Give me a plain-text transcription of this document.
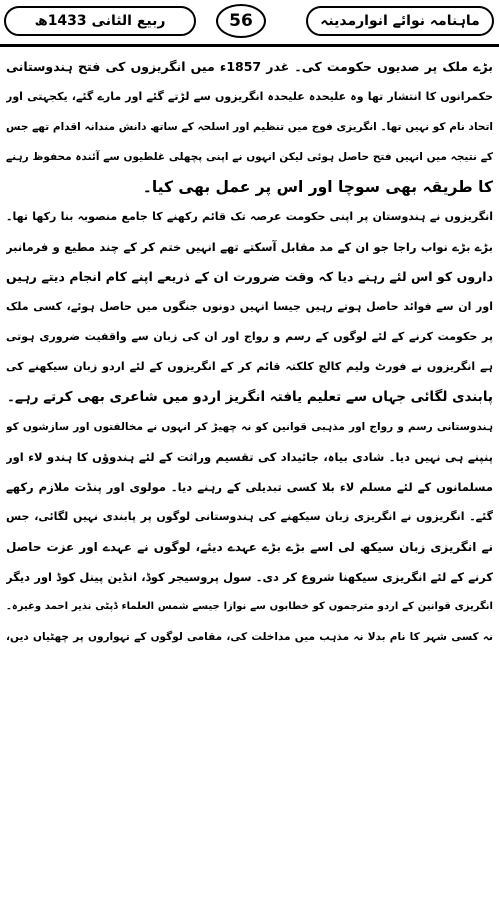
ربیع الثانی 1433ھ	56	ماہنامہ نوائے انوارمدینہ
بڑے ملک پر صدیوں حکومت کی۔ غدر 1857ء میں انگریزوں کی فتح ہندوستانی
حکمرانوں کا انتشار تھا وہ علیحدہ علیحدہ انگریزوں سے لڑتے گئے اور مارے گئے، یکجہتی اور
اتحاد نام کو نہیں تھا۔ انگریزی فوج میں تنظیم اور اسلحہ کے ساتھ دانش مندانہ اقدام تھے جس
کے نتیجہ میں انہیں فتح حاصل ہوئی لیکن انہوں نے اپنی پچھلی غلطیوں سے آئندہ محفوظ رہنے
کا طریقہ بھی سوچا اور اس پر عمل بھی کیا۔
انگریزوں نے ہندوستان پر اپنی حکومت عرصہ تک قائم رکھنے کا جامع منصوبہ بنا رکھا تھا۔
بڑے بڑے نواب راجا جو ان کے مد مقابل آسکتے تھے انہیں ختم کر کے چند مطیع و فرمانبر
داروں کو اس لئے رہنے دیا کہ وقت ضرورت ان کے ذریعے اپنے کام انجام دیتے رہیں
اور ان سے فوائد حاصل ہوتے رہیں جیسا انہیں دونوں جنگوں میں حاصل ہوئے، کسی ملک
پر حکومت کرنے کے لئے لوگوں کے رسم و رواج اور ان کی زبان سے واقفیت ضروری ہوتی
ہے انگریزوں نے فورٹ ولیم کالج کلکتہ قائم کر کے انگریزوں کے لئے اردو زبان سیکھنے کی
پابندی لگائی جہاں سے تعلیم یافتہ انگریز اردو میں شاعری بھی کرتے رہے۔
ہندوستانی رسم و رواج اور مذہبی قوانین کو نہ چھیڑ کر انہوں نے مخالفتوں اور سازشوں کو
پنپنے ہی نہیں دیا۔ شادی بیاہ، جائیداد کی تقسیم وراثت کے لئے ہندوؤں کا ہندو لاء اور
مسلمانوں کے لئے مسلم لاء بلا کسی تبدیلی کے رہنے دیا۔ مولوی اور پنڈت ملازم رکھے
گئے۔ انگریزوں نے انگریزی زبان سیکھنے کی ہندوستانی لوگوں پر پابندی نہیں لگائی، جس
نے انگریزی زبان سیکھ لی اسے بڑے بڑے عہدے دیئے، لوگوں نے عہدے اور عزت حاصل
کرنے کے لئے انگریزی سیکھنا شروع کر دی۔ سول پروسیجر کوڈ، انڈین پینل کوڈ اور دیگر
انگریزی قوانین کے اردو مترجموں کو خطابوں سے نوازا جیسے شمس العلماء ڈپٹی نذیر احمد وغیرہ۔
نہ کسی شہر کا نام بدلا نہ مذہب میں مداخلت کی، مقامی لوگوں کے تہواروں پر چھٹیاں دیں،
